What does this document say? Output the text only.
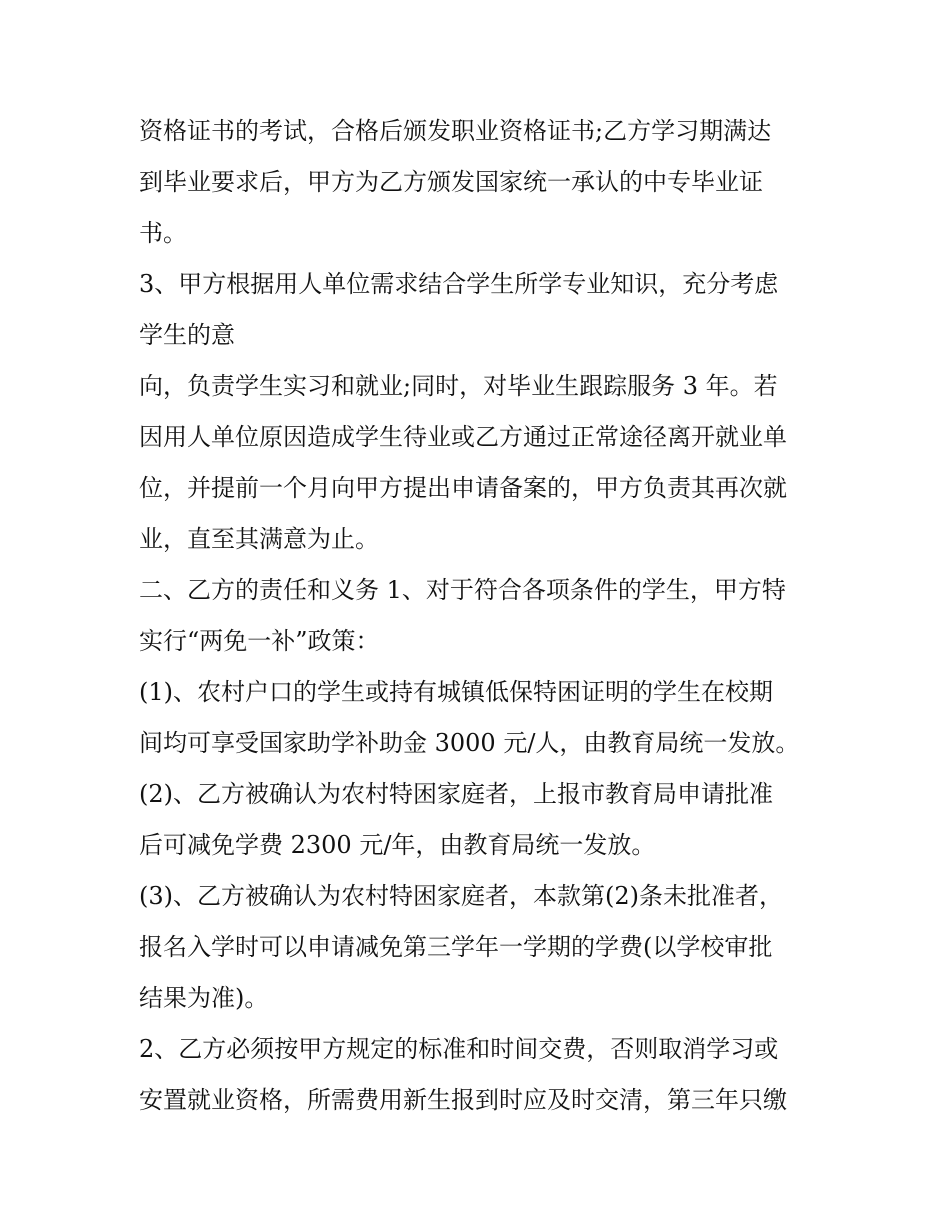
资格证书的考试，合格后颁发职业资格证书;乙方学习期满达
到毕业要求后，甲方为乙方颁发国家统一承认的中专毕业证
书。
3、甲方根据用人单位需求结合学生所学专业知识，充分考虑
学生的意
向，负责学生实习和就业;同时，对毕业生跟踪服务 3 年。若
因用人单位原因造成学生待业或乙方通过正常途径离开就业单
位，并提前一个月向甲方提出申请备案的，甲方负责其再次就
业，直至其满意为止。
二、乙方的责任和义务 1、对于符合各项条件的学生，甲方特
实行“两免一补”政策：
(1)、农村户口的学生或持有城镇低保特困证明的学生在校期
间均可享受国家助学补助金 3000 元/人，由教育局统一发放。
(2)、乙方被确认为农村特困家庭者，上报市教育局申请批准
后可减免学费 2300 元/年，由教育局统一发放。
(3)、乙方被确认为农村特困家庭者，本款第(2)条未批准者，
报名入学时可以申请减免第三学年一学期的学费(以学校审批
结果为准)。
2、乙方必须按甲方规定的标准和时间交费，否则取消学习或
安置就业资格，所需费用新生报到时应及时交清，第三年只缴
